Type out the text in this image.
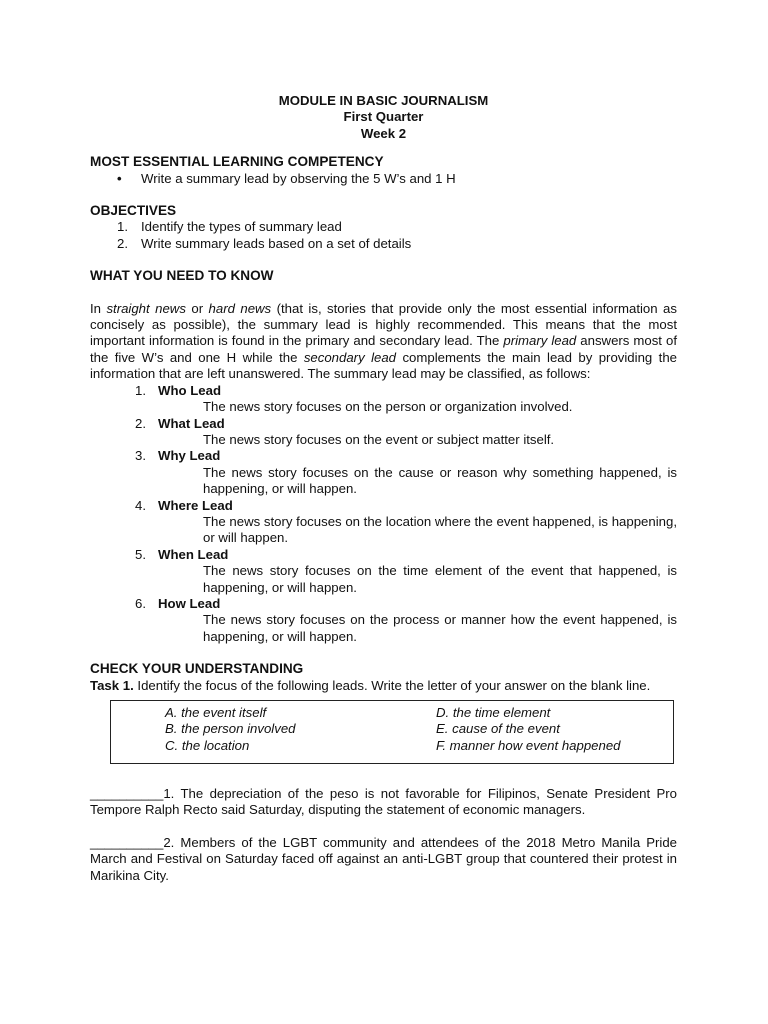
MODULE IN BASIC JOURNALISM
First Quarter
Week 2
MOST ESSENTIAL LEARNING COMPETENCY
•	Write a summary lead by observing the 5 W’s and 1 H
OBJECTIVES
1. Identify the types of summary lead
2. Write summary leads based on a set of details
WHAT YOU NEED TO KNOW
In straight news or hard news (that is, stories that provide only the most essential information as concisely as possible), the summary lead is highly recommended. This means that the most important information is found in the primary and secondary lead. The primary lead answers most of the five W’s and one H while the secondary lead complements the main lead by providing the information that are left unanswered. The summary lead may be classified, as follows:
1. Who Lead
The news story focuses on the person or organization involved.
2. What Lead
The news story focuses on the event or subject matter itself.
3. Why Lead
The news story focuses on the cause or reason why something happened, is happening, or will happen.
4. Where Lead
The news story focuses on the location where the event happened, is happening, or will happen.
5. When Lead
The news story focuses on the time element of the event that happened, is happening, or will happen.
6. How Lead
The news story focuses on the process or manner how the event happened, is happening, or will happen.
CHECK YOUR UNDERSTANDING
Task 1. Identify the focus of the following leads. Write the letter of your answer on the blank line.
A. the event itself
B. the person involved
C. the location
D. the time element
E. cause of the event
F. manner how event happened
__________1. The depreciation of the peso is not favorable for Filipinos, Senate President Pro Tempore Ralph Recto said Saturday, disputing the statement of economic managers.
__________2. Members of the LGBT community and attendees of the 2018 Metro Manila Pride March and Festival on Saturday faced off against an anti-LGBT group that countered their protest in Marikina City.
